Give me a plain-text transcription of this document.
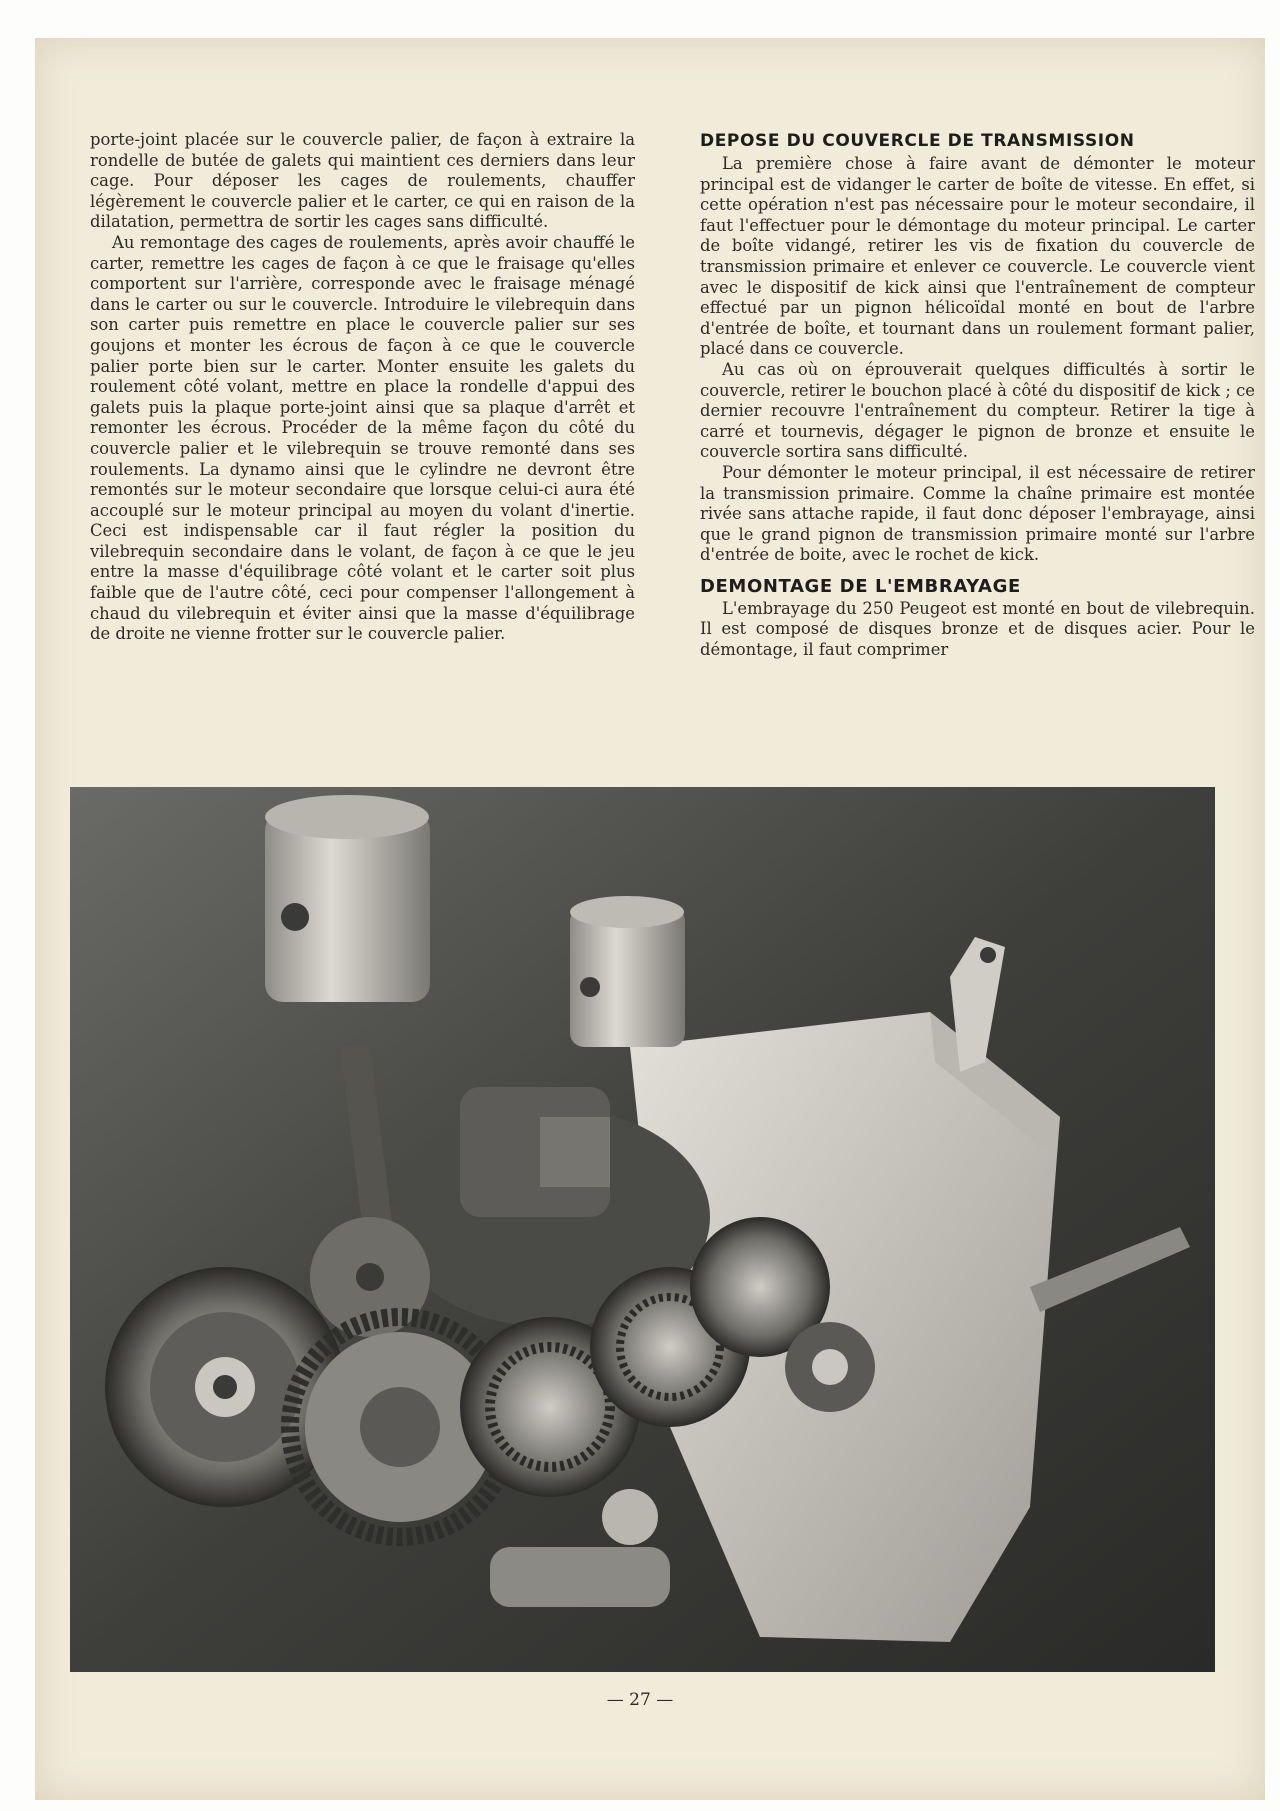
porte-joint placée sur le couvercle palier, de façon à extraire la rondelle de butée de galets qui maintient ces derniers dans leur cage. Pour déposer les cages de roulements, chauffer légèrement le couvercle palier et le carter, ce qui en raison de la dilatation, permettra de sortir les cages sans difficulté.

Au remontage des cages de roulements, après avoir chauffé le carter, remettre les cages de façon à ce que le fraisage qu'elles comportent sur l'arrière, corresponde avec le fraisage ménagé dans le carter ou sur le couvercle. Introduire le vilebrequin dans son carter puis remettre en place le couvercle palier sur ses goujons et monter les écrous de façon à ce que le couvercle palier porte bien sur le carter. Monter ensuite les galets du roulement côté volant, mettre en place la rondelle d'appui des galets puis la plaque porte-joint ainsi que sa plaque d'arrêt et remonter les écrous. Procéder de la même façon du côté du couvercle palier et le vilebrequin se trouve remonté dans ses roulements. La dynamo ainsi que le cylindre ne devront être remontés sur le moteur secondaire que lorsque celui-ci aura été accouplé sur le moteur principal au moyen du volant d'inertie. Ceci est indispensable car il faut régler la position du vilebrequin secondaire dans le volant, de façon à ce que le jeu entre la masse d'équilibrage côté volant et le carter soit plus faible que de l'autre côté, ceci pour compenser l'allongement à chaud du vilebrequin et éviter ainsi que la masse d'équilibrage de droite ne vienne frotter sur le couvercle palier.

DEPOSE DU COUVERCLE DE TRANSMISSION

La première chose à faire avant de démonter le moteur principal est de vidanger le carter de boîte de vitesse. En effet, si cette opération n'est pas nécessaire pour le moteur secondaire, il faut l'effectuer pour le démontage du moteur principal. Le carter de boîte vidangé, retirer les vis de fixation du couvercle de transmission primaire et enlever ce couvercle. Le couvercle vient avec le dispositif de kick ainsi que l'entraînement de compteur effectué par un pignon hélicoïdal monté en bout de l'arbre d'entrée de boîte, et tournant dans un roulement formant palier, placé dans ce couvercle.

Au cas où on éprouverait quelques difficultés à sortir le couvercle, retirer le bouchon placé à côté du dispositif de kick ; ce dernier recouvre l'entraînement du compteur. Retirer la tige à carré et tournevis, dégager le pignon de bronze et ensuite le couvercle sortira sans difficulté.

Pour démonter le moteur principal, il est nécessaire de retirer la transmission primaire. Comme la chaîne primaire est montée rivée sans attache rapide, il faut donc déposer l'embrayage, ainsi que le grand pignon de transmission primaire monté sur l'arbre d'entrée de boite, avec le rochet de kick.

DEMONTAGE DE L'EMBRAYAGE

L'embrayage du 250 Peugeot est monté en bout de vilebrequin. Il est composé de disques bronze et de disques acier. Pour le démontage, il faut comprimer

— 27 —
